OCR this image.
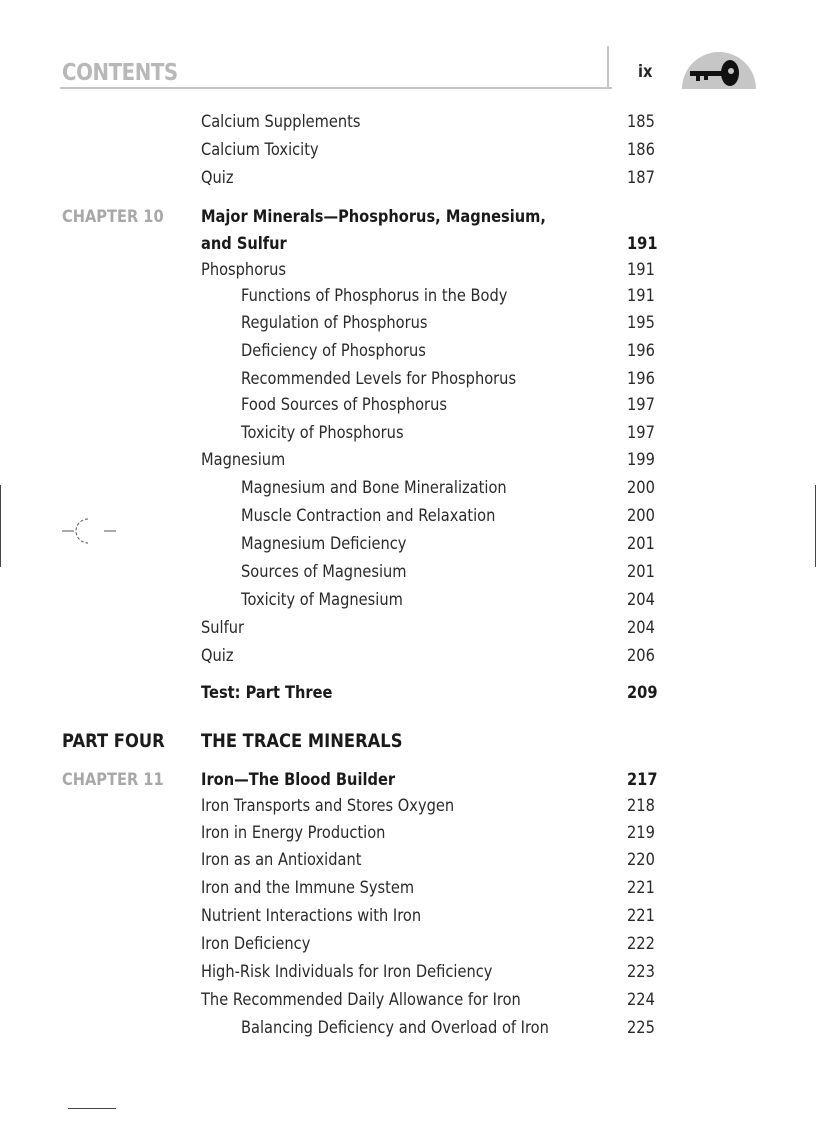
CONTENTS	ix
Calcium Supplements	185
Calcium Toxicity	186
Quiz	187
CHAPTER 10 Major Minerals—Phosphorus, Magnesium,
and Sulfur	191
Phosphorus	191
Functions of Phosphorus in the Body	191
Regulation of Phosphorus	195
Deficiency of Phosphorus	196
Recommended Levels for Phosphorus	196
Food Sources of Phosphorus	197
Toxicity of Phosphorus	197
Magnesium	199
Magnesium and Bone Mineralization	200
Muscle Contraction and Relaxation	200
Magnesium Deficiency	201
Sources of Magnesium	201
Toxicity of Magnesium	204
Sulfur	204
Quiz	206
Test: Part Three	209
PART FOUR THE TRACE MINERALS
CHAPTER 11 Iron—The Blood Builder	217
Iron Transports and Stores Oxygen	218
Iron in Energy Production	219
Iron as an Antioxidant	220
Iron and the Immune System	221
Nutrient Interactions with Iron	221
Iron Deficiency	222
High-Risk Individuals for Iron Deficiency	223
The Recommended Daily Allowance for Iron	224
Balancing Deficiency and Overload of Iron	225
